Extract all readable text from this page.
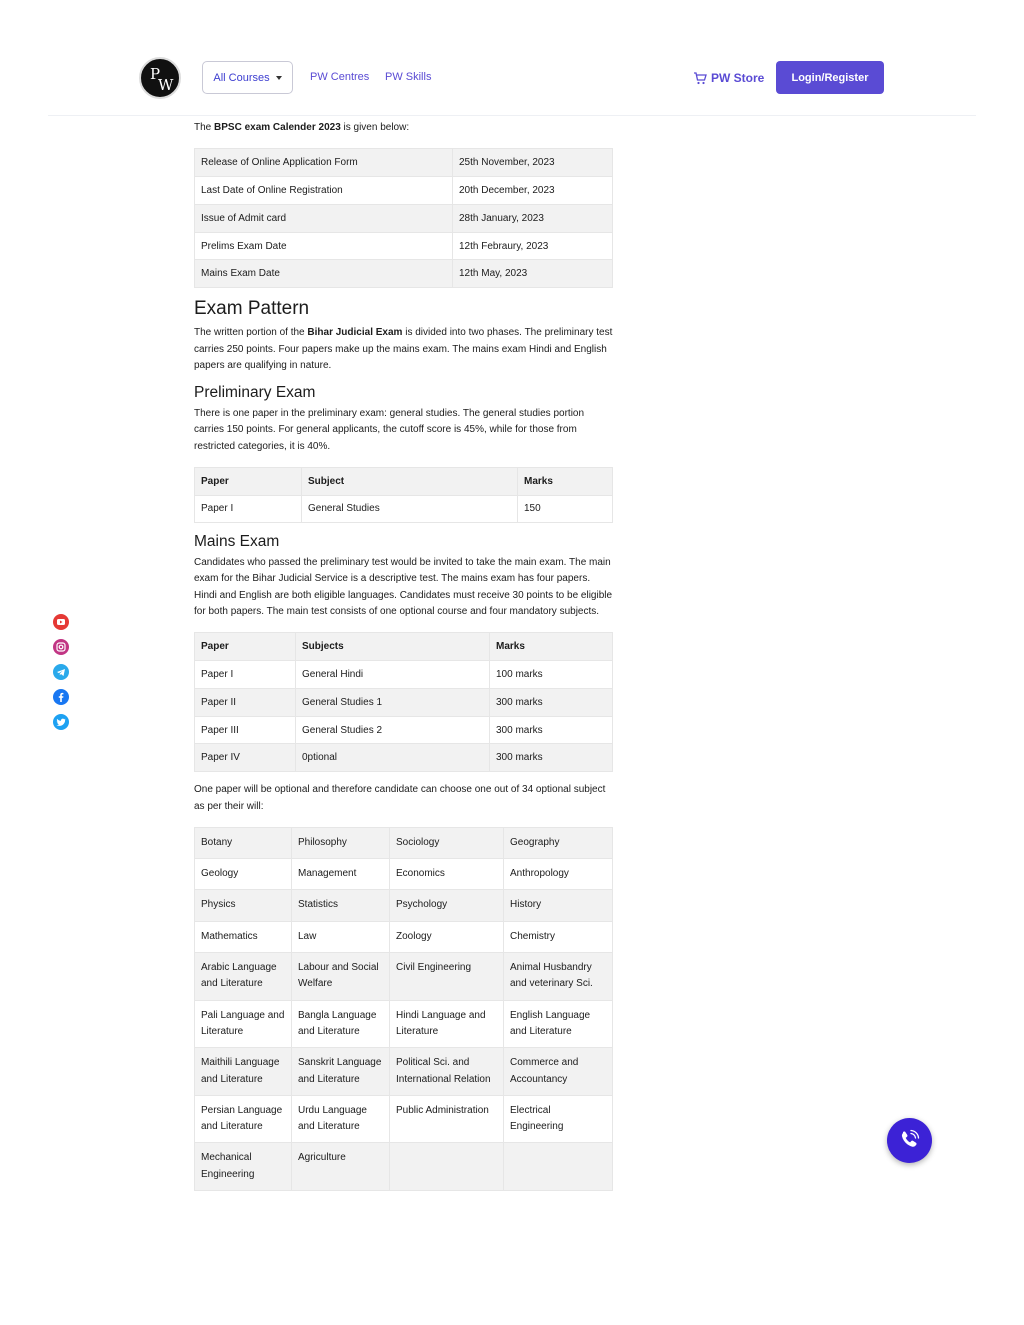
P
W	All Courses	PW Centres PW Skills	PW Store	Login/Register

The BPSC exam Calender 2023 is given below:

Release of Online Application Form	25th November, 2023
Last Date of Online Registration	20th December, 2023
Issue of Admit card	28th January, 2023
Prelims Exam Date	12th Febraury, 2023
Mains Exam Date	12th May, 2023
Exam Pattern

The written portion of the Bihar Judicial Exam is divided into two phases. The preliminary test carries 250 points. Four papers make up the mains exam. The mains exam Hindi and English papers are qualifying in nature.

Preliminary Exam

There is one paper in the preliminary exam: general studies. The general studies portion carries 150 points. For general applicants, the cutoff score is 45%, while for those from restricted categories, it is 40%.

Paper	Subject	Marks
Paper I	General Studies	150
Mains Exam

Candidates who passed the preliminary test would be invited to take the main exam. The main exam for the Bihar Judicial Service is a descriptive test. The mains exam has four papers. Hindi and English are both eligible languages. Candidates must receive 30 points to be eligible for both papers. The main test consists of one optional course and four mandatory subjects.

Paper	Subjects	Marks
Paper I	General Hindi	100 marks
Paper II	General Studies 1	300 marks
Paper III	General Studies 2	300 marks
Paper IV	0ptional	300 marks

One paper will be optional and therefore candidate can choose one out of 34 optional subject as per their will:

Botany	Philosophy	Sociology	Geography
Geology	Management	Economics	Anthropology
Physics	Statistics	Psychology	History
Mathematics	Law	Zoology	Chemistry
Arabic Language and Literature	Labour and Social Welfare	Civil Engineering	Animal Husbandry and veterinary Sci.
Pali Language and Literature	Bangla Language and Literature	Hindi Language and Literature	English Language and Literature
Maithili Language and Literature	Sanskrit Language and Literature	Political Sci. and International Relation	Commerce and Accountancy
Persian Language and Literature	Urdu Language and Literature	Public Administration	Electrical Engineering
Mechanical Engineering	Agriculture		
